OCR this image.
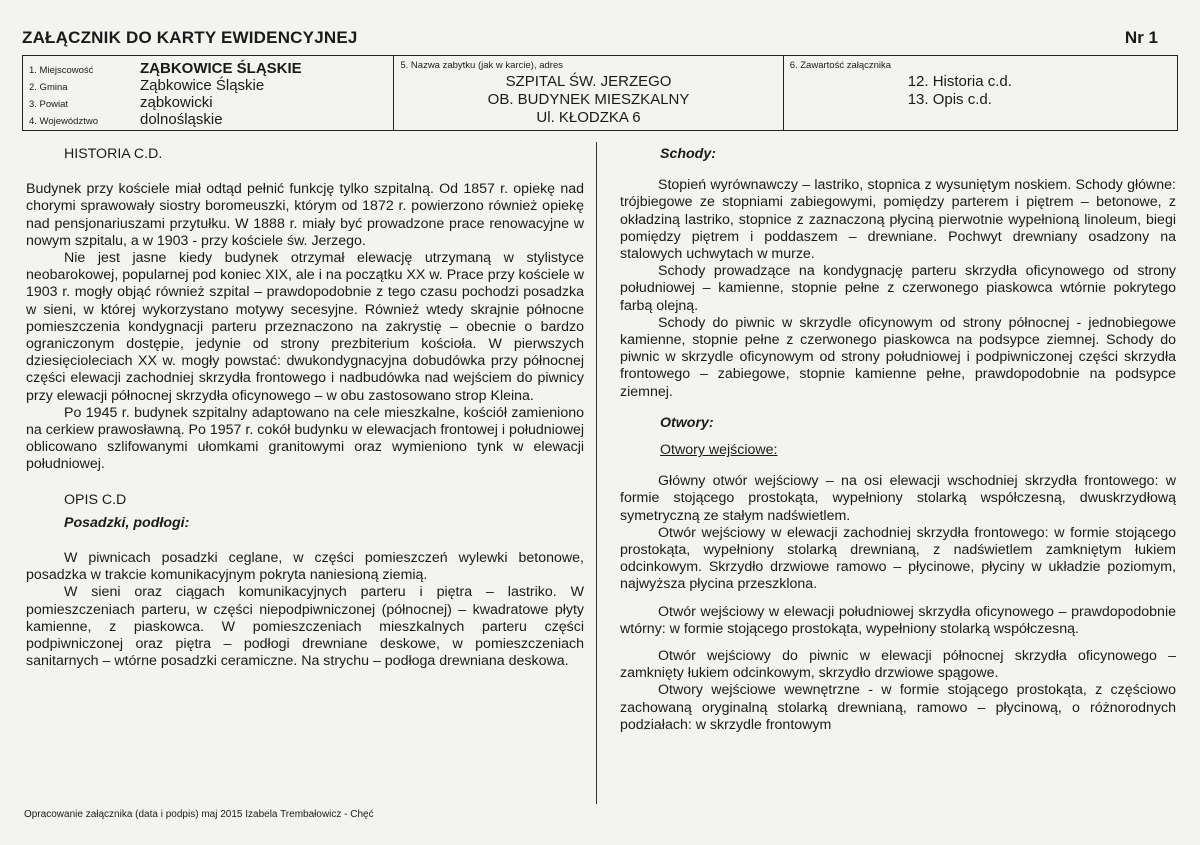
ZAŁĄCZNIK DO KARTY EWIDENCYJNEJ	Nr 1
1. Miejscowość	ZĄBKOWICE ŚLĄSKIE
2. Gmina	Ząbkowice Śląskie
3. Powiat	ząbkowicki
4. Województwo	dolnośląskie
5. Nazwa zabytku (jak w karcie), adres
SZPITAL ŚW. JERZEGO
OB. BUDYNEK MIESZKALNY
Ul. KŁODZKA 6
6. Zawartość załącznika
12. Historia c.d.
13. Opis c.d.
HISTORIA C.D.

Budynek przy kościele miał odtąd pełnić funkcję tylko szpitalną. Od 1857 r. opiekę nad chorymi sprawowały siostry boromeuszki, którym od 1872 r. powierzono również opiekę nad pensjonariuszami przytułku. W 1888 r. miały być prowadzone prace renowacyjne w nowym szpitalu, a w 1903 - przy kościele św. Jerzego.

Nie jest jasne kiedy budynek otrzymał elewację utrzymaną w stylistyce neobarokowej, popularnej pod koniec XIX, ale i na początku XX w. Prace przy kościele w 1903 r. mogły objąć również szpital – prawdopodobnie z tego czasu pochodzi posadzka w sieni, w której wykorzystano motywy secesyjne. Również wtedy skrajnie północne pomieszczenia kondygnacji parteru przeznaczono na zakrystię – obecnie o bardzo ograniczonym dostępie, jedynie od strony prezbiterium kościoła. W pierwszych dziesięcioleciach XX w. mogły powstać: dwukondygnacyjna dobudówka przy północnej części elewacji zachodniej skrzydła frontowego i nadbudówka nad wejściem do piwnicy przy elewacji północnej skrzydła oficynowego – w obu zastosowano strop Kleina.

Po 1945 r. budynek szpitalny adaptowano na cele mieszkalne, kościół zamieniono na cerkiew prawosławną. Po 1957 r. cokół budynku w elewacjach frontowej i południowej oblicowano szlifowanymi ułomkami granitowymi oraz wymieniono tynk w elewacji południowej.

OPIS C.D
Posadzki, podłogi:

W piwnicach posadzki ceglane, w części pomieszczeń wylewki betonowe, posadzka w trakcie komunikacyjnym pokryta naniesioną ziemią.

W sieni oraz ciągach komunikacyjnych parteru i piętra – lastriko. W pomieszczeniach parteru, w części niepodpiwniczonej (północnej) – kwadratowe płyty kamienne, z piaskowca. W pomieszczeniach mieszkalnych parteru części podpiwniczonej oraz piętra – podłogi drewniane deskowe, w pomieszczeniach sanitarnych – wtórne posadzki ceramiczne. Na strychu – podłoga drewniana deskowa.

Schody:

Stopień wyrównawczy – lastriko, stopnica z wysuniętym noskiem. Schody główne: trójbiegowe ze stopniami zabiegowymi, pomiędzy parterem i piętrem – betonowe, z okładziną lastriko, stopnice z zaznaczoną płyciną pierwotnie wypełnioną linoleum, biegi pomiędzy piętrem i poddaszem – drewniane. Pochwyt drewniany osadzony na stalowych uchwytach w murze.

Schody prowadzące na kondygnację parteru skrzydła oficynowego od strony południowej – kamienne, stopnie pełne z czerwonego piaskowca wtórnie pokrytego farbą olejną.

Schody do piwnic w skrzydle oficynowym od strony północnej - jednobiegowe kamienne, stopnie pełne z czerwonego piaskowca na podsypce ziemnej. Schody do piwnic w skrzydle oficynowym od strony południowej i podpiwniczonej części skrzydła frontowego – zabiegowe, stopnie kamienne pełne, prawdopodobnie na podsypce ziemnej.

Otwory:
Otwory wejściowe:

Główny otwór wejściowy – na osi elewacji wschodniej skrzydła frontowego: w formie stojącego prostokąta, wypełniony stolarką współczesną, dwuskrzydłową symetryczną ze stałym nadświetlem.

Otwór wejściowy w elewacji zachodniej skrzydła frontowego: w formie stojącego prostokąta, wypełniony stolarką drewnianą, z nadświetlem zamkniętym łukiem odcinkowym. Skrzydło drzwiowe ramowo – płycinowe, płyciny w układzie poziomym, najwyższa płycina przeszklona.

Otwór wejściowy w elewacji południowej skrzydła oficynowego – prawdopodobnie wtórny: w formie stojącego prostokąta, wypełniony stolarką współczesną.

Otwór wejściowy do piwnic w elewacji północnej skrzydła oficynowego – zamknięty łukiem odcinkowym, skrzydło drzwiowe spągowe.

Otwory wejściowe wewnętrzne - w formie stojącego prostokąta, z częściowo zachowaną oryginalną stolarką drewnianą, ramowo – płycinową, o różnorodnych podziałach: w skrzydle frontowym

Opracowanie załącznika (data i podpis) maj 2015 Izabela Trembałowicz - Chęć
